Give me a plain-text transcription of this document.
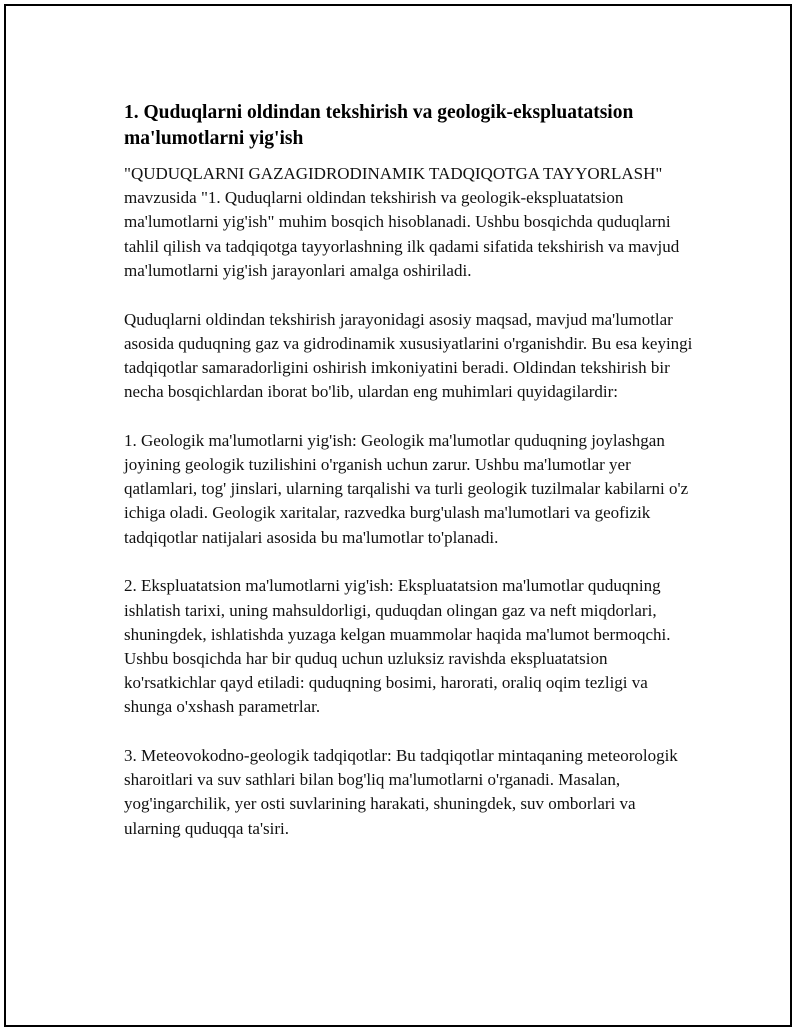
1. Quduqlarni oldindan tekshirish va geologik-ekspluatatsion ma'lumotlarni yig'ish

"QUDUQLARNI GAZAGIDRODINAMIK TADQIQOTGA TAYYORLASH" mavzusida "1. Quduqlarni oldindan tekshirish va geologik-ekspluatatsion ma'lumotlarni yig'ish" muhim bosqich hisoblanadi. Ushbu bosqichda quduqlarni tahlil qilish va tadqiqotga tayyorlashning ilk qadami sifatida tekshirish va mavjud ma'lumotlarni yig'ish jarayonlari amalga oshiriladi.

Quduqlarni oldindan tekshirish jarayonidagi asosiy maqsad, mavjud ma'lumotlar asosida quduqning gaz va gidrodinamik xususiyatlarini o'rganishdir. Bu esa keyingi tadqiqotlar samaradorligini oshirish imkoniyatini beradi. Oldindan tekshirish bir necha bosqichlardan iborat bo'lib, ulardan eng muhimlari quyidagilardir:

1. Geologik ma'lumotlarni yig'ish: Geologik ma'lumotlar quduqning joylashgan joyining geologik tuzilishini o'rganish uchun zarur. Ushbu ma'lumotlar yer qatlamlari, tog' jinslari, ularning tarqalishi va turli geologik tuzilmalar kabilarni o'z ichiga oladi. Geologik xaritalar, razvedka burg'ulash ma'lumotlari va geofizik tadqiqotlar natijalari asosida bu ma'lumotlar to'planadi.

2. Ekspluatatsion ma'lumotlarni yig'ish: Ekspluatatsion ma'lumotlar quduqning ishlatish tarixi, uning mahsuldorligi, quduqdan olingan gaz va neft miqdorlari, shuningdek, ishlatishda yuzaga kelgan muammolar haqida ma'lumot bermoqchi. Ushbu bosqichda har bir quduq uchun uzluksiz ravishda ekspluatatsion ko'rsatkichlar qayd etiladi: quduqning bosimi, harorati, oraliq oqim tezligi va shunga o'xshash parametrlar.

3. Meteovokodno-geologik tadqiqotlar: Bu tadqiqotlar mintaqaning meteorologik sharoitlari va suv sathlari bilan bog'liq ma'lumotlarni o'rganadi. Masalan, yog'ingarchilik, yer osti suvlarining harakati, shuningdek, suv omborlari va ularning quduqqa ta'siri.
